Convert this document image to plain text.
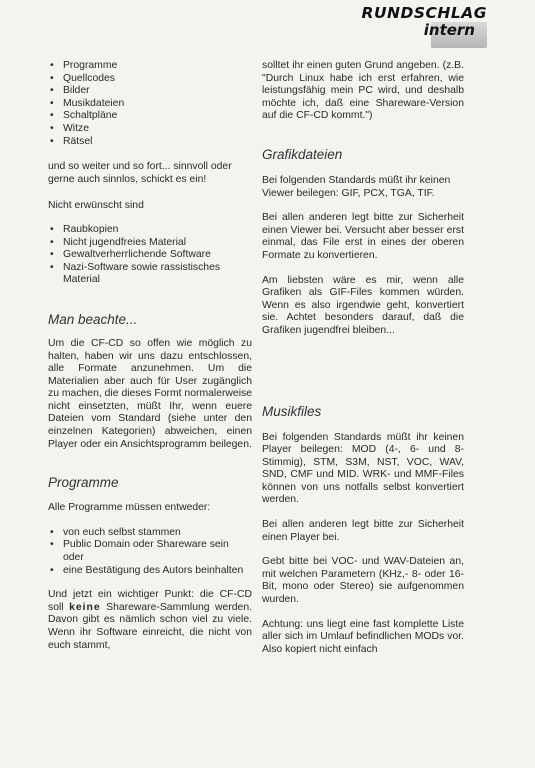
RUNDSCHLAG
intern
• Programme
• Quellcodes
• Bilder
• Musikdateien
• Schaltpläne
• Witze
• Rätsel

und so weiter und so fort... sinnvoll oder gerne auch sinnlos, schickt es ein!

Nicht erwünscht sind

• Raubkopien
• Nicht jugendfreies Material
• Gewaltverherrlichende Software
• Nazi-Software sowie rassistisches Material
Man beachte...

Um die CF-CD so offen wie möglich zu halten, haben wir uns dazu entschlossen, alle Formate anzunehmen. Um die Materialien aber auch für User zugänglich zu machen, die dieses Formt normalerweise nicht einsetzten, müßt Ihr, wenn euere Dateien vom Standard (siehe unter den einzelnen Kategorien) abweichen, einen Player oder ein Ansichtsprogramm beilegen.

Programme

Alle Programme müssen entweder:

• von euch selbst stammen
• Public Domain oder Shareware sein oder
• eine Bestätigung des Autors beinhalten

Und jetzt ein wichtiger Punkt: die CF-CD soll keine Shareware-Sammlung werden. Davon gibt es nämlich schon viel zu viele. Wenn ihr Software einreicht, die nicht von euch stammt,

solltet ihr einen guten Grund angeben. (z.B. "Durch Linux habe ich erst erfahren, wie leistungsfähig mein PC wird, und deshalb möchte ich, daß eine Shareware-Version auf die CF-CD kommt.")

Grafikdateien

Bei folgenden Standards müßt ihr keinen Viewer beilegen: GIF, PCX, TGA, TIF.

Bei allen anderen legt bitte zur Sicherheit einen Viewer bei. Versucht aber besser erst einmal, das File erst in eines der oberen Formate zu konvertieren.

Am liebsten wäre es mir, wenn alle Grafiken als GIF-Files kommen würden. Wenn es also irgendwie geht, konvertiert sie. Achtet besonders darauf, daß die Grafiken jugendfrei bleiben...

Musikfiles

Bei folgenden Standards müßt ihr keinen Player beilegen: MOD (4-, 6- und 8-Stimmig), STM, S3M, NST, VOC, WAV, SND, CMF und MID. WRK- und MMF-Files können von uns notfalls selbst konvertiert werden.

Bei allen anderen legt bitte zur Sicherheit einen Player bei.

Gebt bitte bei VOC- und WAV-Dateien an, mit welchen Parametern (KHz,- 8- oder 16-Bit, mono oder Stereo) sie aufgenommen wurden.

Achtung: uns liegt eine fast komplette Liste aller sich im Umlauf befindlichen MODs vor. Also kopiert nicht einfach
